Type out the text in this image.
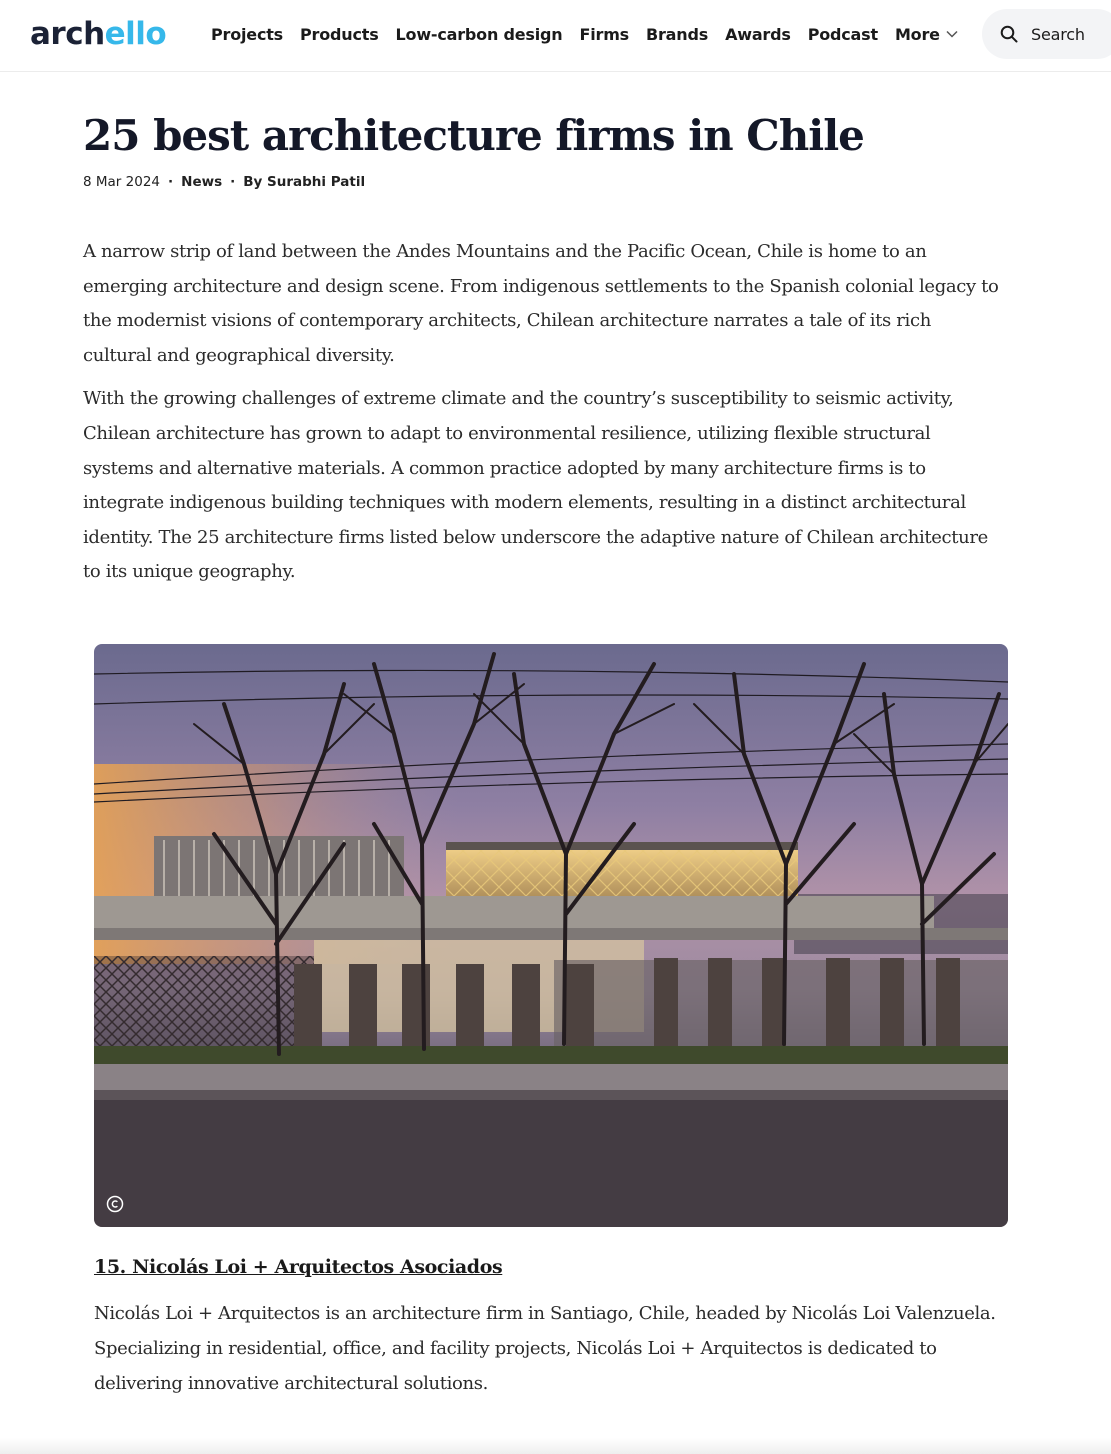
archello	Projects Products Low-carbon design Firms Brands Awards Podcast More	Search
25 best architecture firms in Chile
8 Mar 2024 · News · By Surabhi Patil

A narrow strip of land between the Andes Mountains and the Pacific Ocean, Chile is home to an emerging architecture and design scene. From indigenous settlements to the Spanish colonial legacy to the modernist visions of contemporary architects, Chilean architecture narrates a tale of its rich cultural and geographical diversity.

With the growing challenges of extreme climate and the country’s susceptibility to seismic activity, Chilean architecture has grown to adapt to environmental resilience, utilizing flexible structural systems and alternative materials. A common practice adopted by many architecture firms is to integrate indigenous building techniques with modern elements, resulting in a distinct architectural identity. The 25 architecture firms listed below underscore the adaptive nature of Chilean architecture to its unique geography.

15. Nicolás Loi + Arquitectos Asociados

Nicolás Loi + Arquitectos is an architecture firm in Santiago, Chile, headed by Nicolás Loi Valenzuela. Specializing in residential, office, and facility projects, Nicolás Loi + Arquitectos is dedicated to delivering innovative architectural solutions.
